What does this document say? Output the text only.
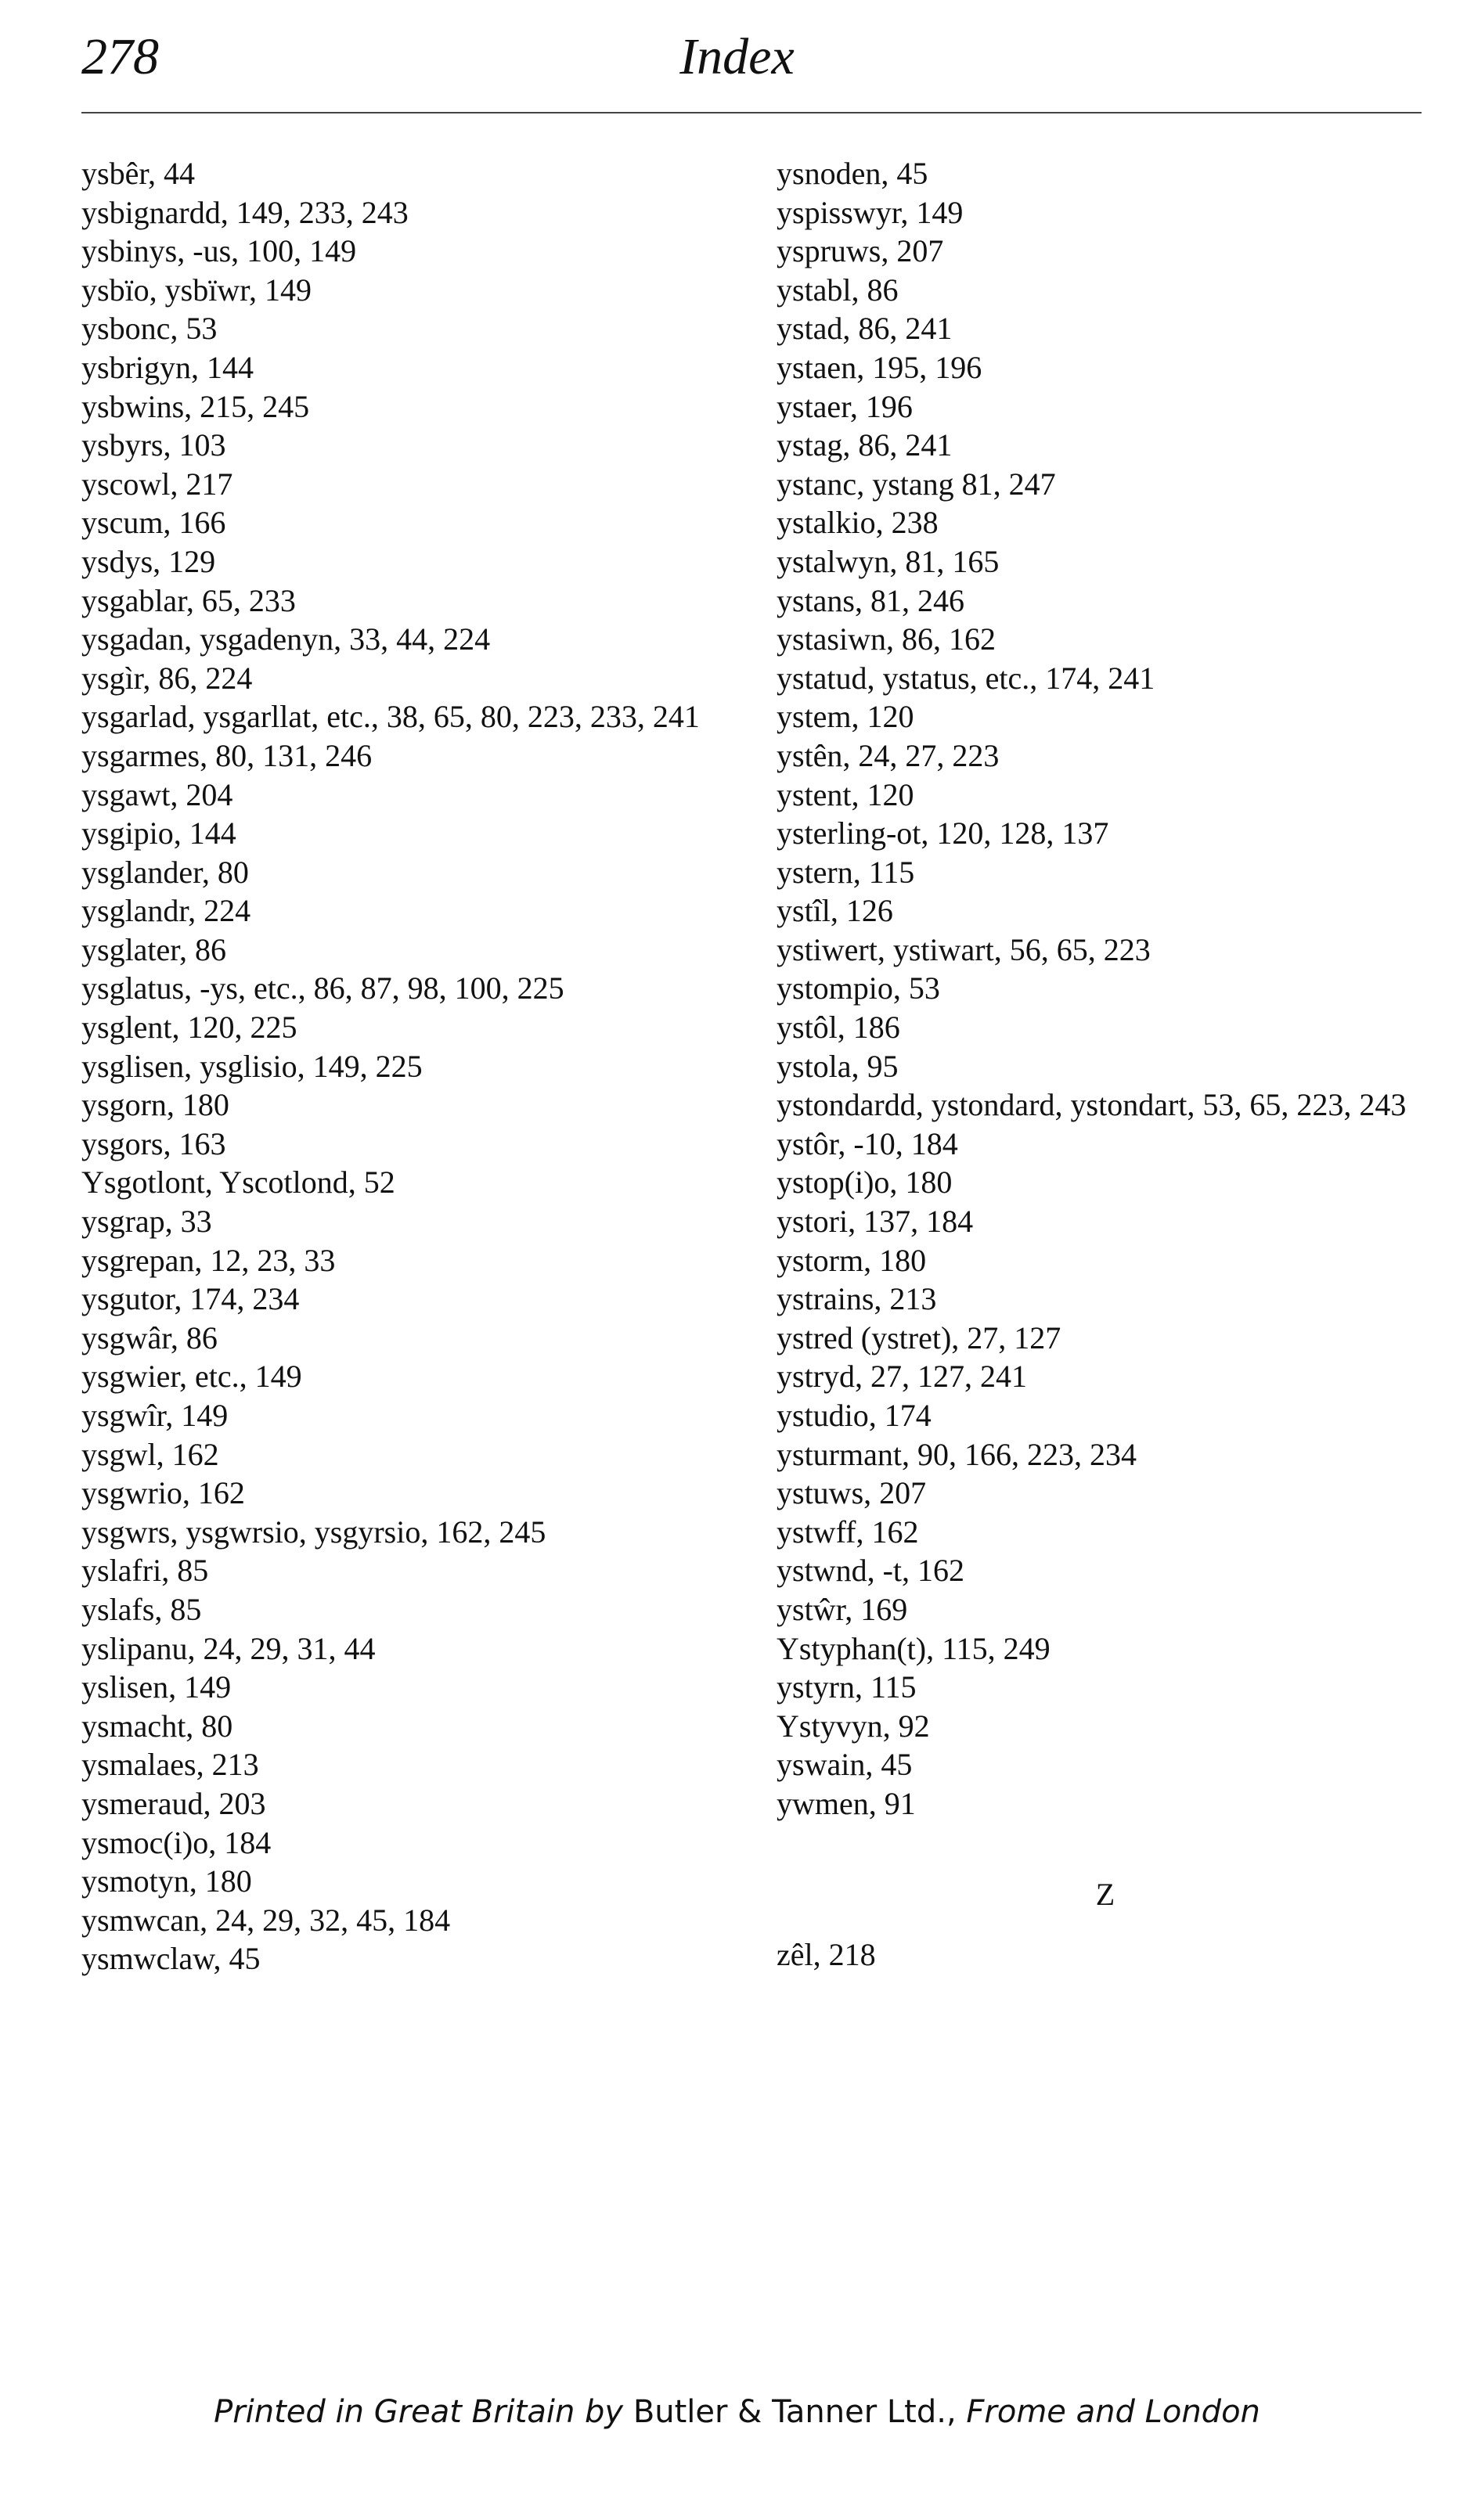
278	Index
ysbêr, 44
ysbignardd, 149, 233, 243
ysbinys, -us, 100, 149
ysbïo, ysbïwr, 149
ysbonc, 53
ysbrigyn, 144
ysbwins, 215, 245
ysbyrs, 103
yscowl, 217
yscum, 166
ysdys, 129
ysgablar, 65, 233
ysgadan, ysgadenyn, 33, 44, 224
ysgìr, 86, 224
ysgarlad, ysgarllat, etc., 38, 65, 80, 223, 233, 241
ysgarmes, 80, 131, 246
ysgawt, 204
ysgipio, 144
ysglander, 80
ysglandr, 224
ysglater, 86
ysglatus, -ys, etc., 86, 87, 98, 100, 225
ysglent, 120, 225
ysglisen, ysglisio, 149, 225
ysgorn, 180
ysgors, 163
Ysgotlont, Yscotlond, 52
ysgrap, 33
ysgrepan, 12, 23, 33
ysgutor, 174, 234
ysgwâr, 86
ysgwier, etc., 149
ysgwîr, 149
ysgwl, 162
ysgwrio, 162
ysgwrs, ysgwrsio, ysgyrsio, 162, 245
yslafri, 85
yslafs, 85
yslipanu, 24, 29, 31, 44
yslisen, 149
ysmacht, 80
ysmalaes, 213
ysmeraud, 203
ysmoc(i)o, 184
ysmotyn, 180
ysmwcan, 24, 29, 32, 45, 184
ysmwclaw, 45
ysnoden, 45
yspisswyr, 149
yspruws, 207
ystabl, 86
ystad, 86, 241
ystaen, 195, 196
ystaer, 196
ystag, 86, 241
ystanc, ystang 81, 247
ystalkio, 238
ystalwyn, 81, 165
ystans, 81, 246
ystasiwn, 86, 162
ystatud, ystatus, etc., 174, 241
ystem, 120
ystên, 24, 27, 223
ystent, 120
ysterling-ot, 120, 128, 137
ystern, 115
ystîl, 126
ystiwert, ystiwart, 56, 65, 223
ystompio, 53
ystôl, 186
ystola, 95
ystondardd, ystondard, ystondart, 53, 65, 223, 243
ystôr, -10, 184
ystop(i)o, 180
ystori, 137, 184
ystorm, 180
ystrains, 213
ystred (ystret), 27, 127
ystryd, 27, 127, 241
ystudio, 174
ysturmant, 90, 166, 223, 234
ystuws, 207
ystwff, 162
ystwnd, -t, 162
ystŵr, 169
Ystyphan(t), 115, 249
ystyrn, 115
Ystyvyn, 92
yswain, 45
ywmen, 91
Z
zêl, 218
Printed in Great Britain by Butler & Tanner Ltd., Frome and London
